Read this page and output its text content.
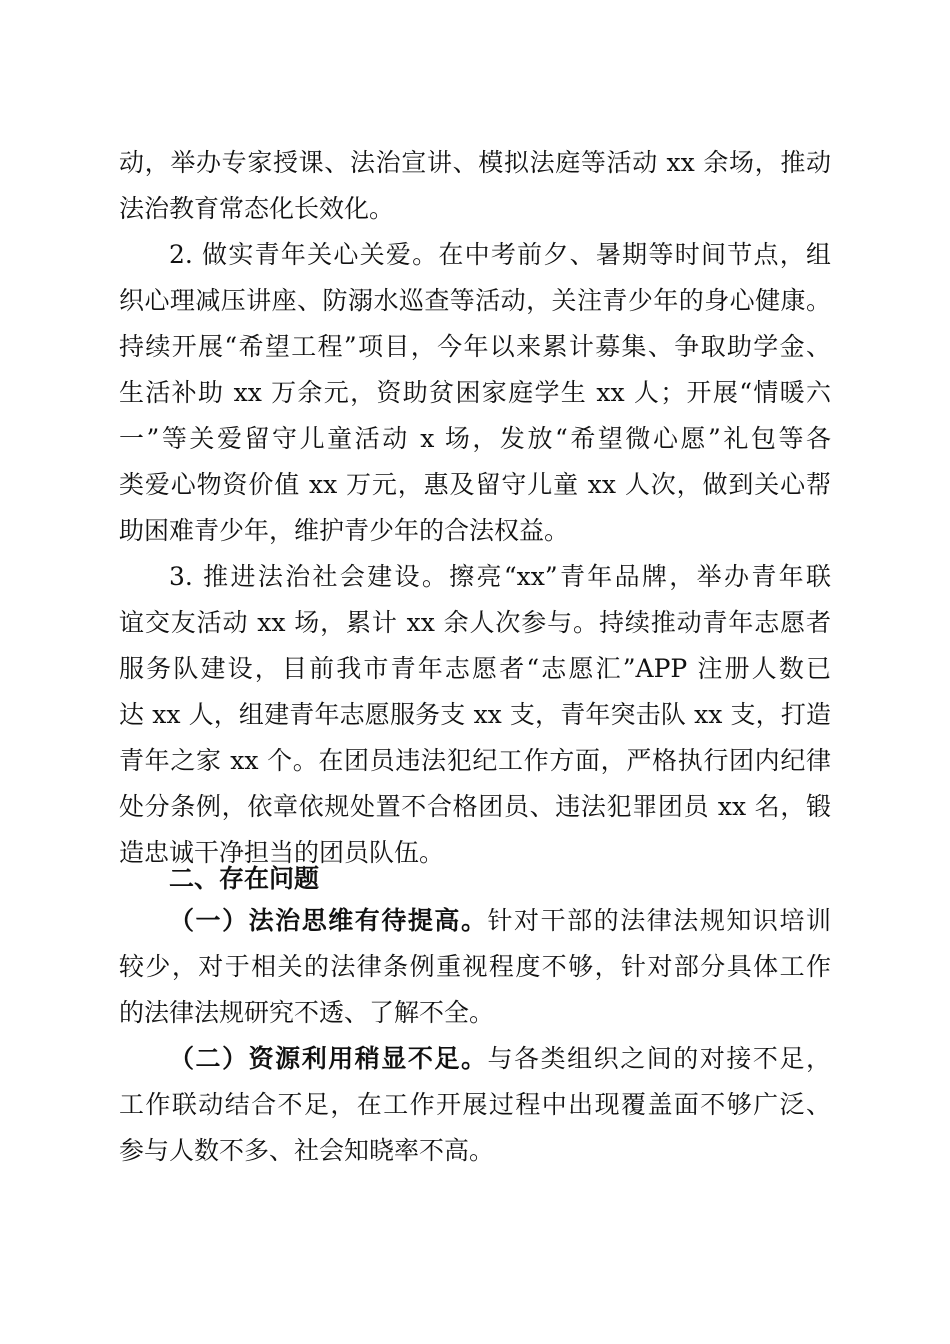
动，举办专家授课、法治宣讲、模拟法庭等活动 xx 余场，推动
法治教育常态化长效化。
2. 做实青年关心关爱。在中考前夕、暑期等时间节点，组
织心理减压讲座、防溺水巡查等活动，关注青少年的身心健康。
持续开展“希望工程”项目，今年以来累计募集、争取助学金、
生活补助 xx 万余元，资助贫困家庭学生 xx 人；开展“情暖六
一”等关爱留守儿童活动 x 场，发放“希望微心愿”礼包等各
类爱心物资价值 xx 万元，惠及留守儿童 xx 人次，做到关心帮
助困难青少年，维护青少年的合法权益。
3. 推进法治社会建设。擦亮“xx”青年品牌，举办青年联
谊交友活动 xx 场，累计 xx 余人次参与。持续推动青年志愿者
服务队建设，目前我市青年志愿者“志愿汇”APP 注册人数已
达 xx 人，组建青年志愿服务支 xx 支，青年突击队 xx 支，打造
青年之家 xx 个。在团员违法犯纪工作方面，严格执行团内纪律
处分条例，依章依规处置不合格团员、违法犯罪团员 xx 名，锻
造忠诚干净担当的团员队伍。
二、存在问题
（一）法治思维有待提高。针对干部的法律法规知识培训
较少，对于相关的法律条例重视程度不够，针对部分具体工作
的法律法规研究不透、了解不全。
（二）资源利用稍显不足。与各类组织之间的对接不足，
工作联动结合不足，在工作开展过程中出现覆盖面不够广泛、
参与人数不多、社会知晓率不高。
